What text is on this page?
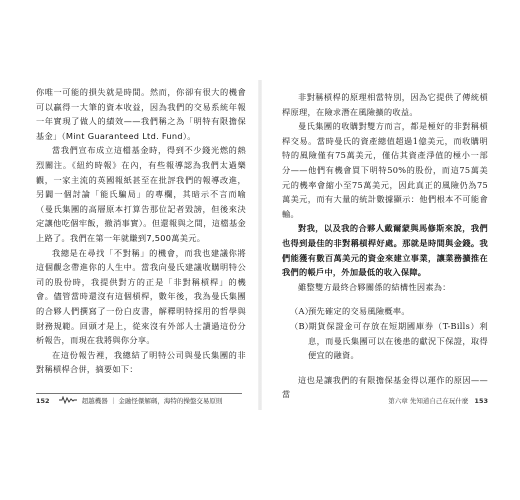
你唯一可能的損失就是時間。然而，你卻有很大的機會可以贏得一大筆的資本收益，因為我們的交易系統年報一年實現了做人的績效——我們稱之為「明特有限擔保基金」（Mint Guaranteed Ltd. Fund）。

當我們宣布成立這檔基金時，得到不少錢光燃的熱烈關注。《紐約時報》在內，有些報導認為我們太過樂觀，一家主流的英國報紙甚至在批評我們的報導改進，另闢一個討論「能氏騙局」的專欄，其暗示不言而喻（曼氏集團的高層原本打算告那位記者毀謗，但後來決定讓他吃個牢飯，撤消事實）。但還報與之間，這檔基金上路了。我們在第一年就賺到7,500萬美元。

我總是在尋找「不對稱」的機會，而我也建議你將這個觀念帶進你的人生中。當我向曼氏建議收購明特公司的股份時，我提供對方的正是「非對稱槓桿」的機會。儘管當時還沒有這個槓桿，數年後，我為曼氏集團的合夥人們撰寫了一份白皮書，解釋明特採用的哲學與財務規範。回頭才是上，從來沒有外部人士讀過這份分析報告，而現在我將與你分享。

在這份報告裡，我總結了明特公司與曼氏集團的非對稱槓桿合併，摘要如下：

152	超越機器 ｜ 金融怪傑解碼，海特的操盤交易原則

非對稱槓桿的原理相當特別，因為它提供了傳統槓桿原理，在險求潛在風險擴的收益。

曼氏集團的收購對雙方而言，都是極好的非對稱槓桿交易。當時曼氏的資產總值超過1億美元，而收購明特的風險僅有75萬美元，僅佔其資產淨值的極小一部分——他們有機會買下明特50%的股份，而這75萬美元的機率會縮小至75萬美元，因此真正的風險仍為75萬美元，而有大量的統計數據顯示：他們根本不可能會輸。

對我，以及我的合夥人戴爾蒙與馬修斯來說，我們也得到最佳的非對稱槓桿好處。那就是時間與金錢。我們能獲有數百萬美元的資金來建立事業，讓業務擴推在我們的帳戶中，外加最低的收入保障。

雖整雙方最終合夥關係的結構性因素為：

（A）預先確定的交易風險概率。
（B）期貨保證金可存放在短期國庫券（T-Bills）利息，而曼氏集團可以在後患的獻況下保證，取得便宜的融資。

這也是讓我們的有限擔保基金得以運作的原因——當

第六章 先知道自己在玩什麼 153
